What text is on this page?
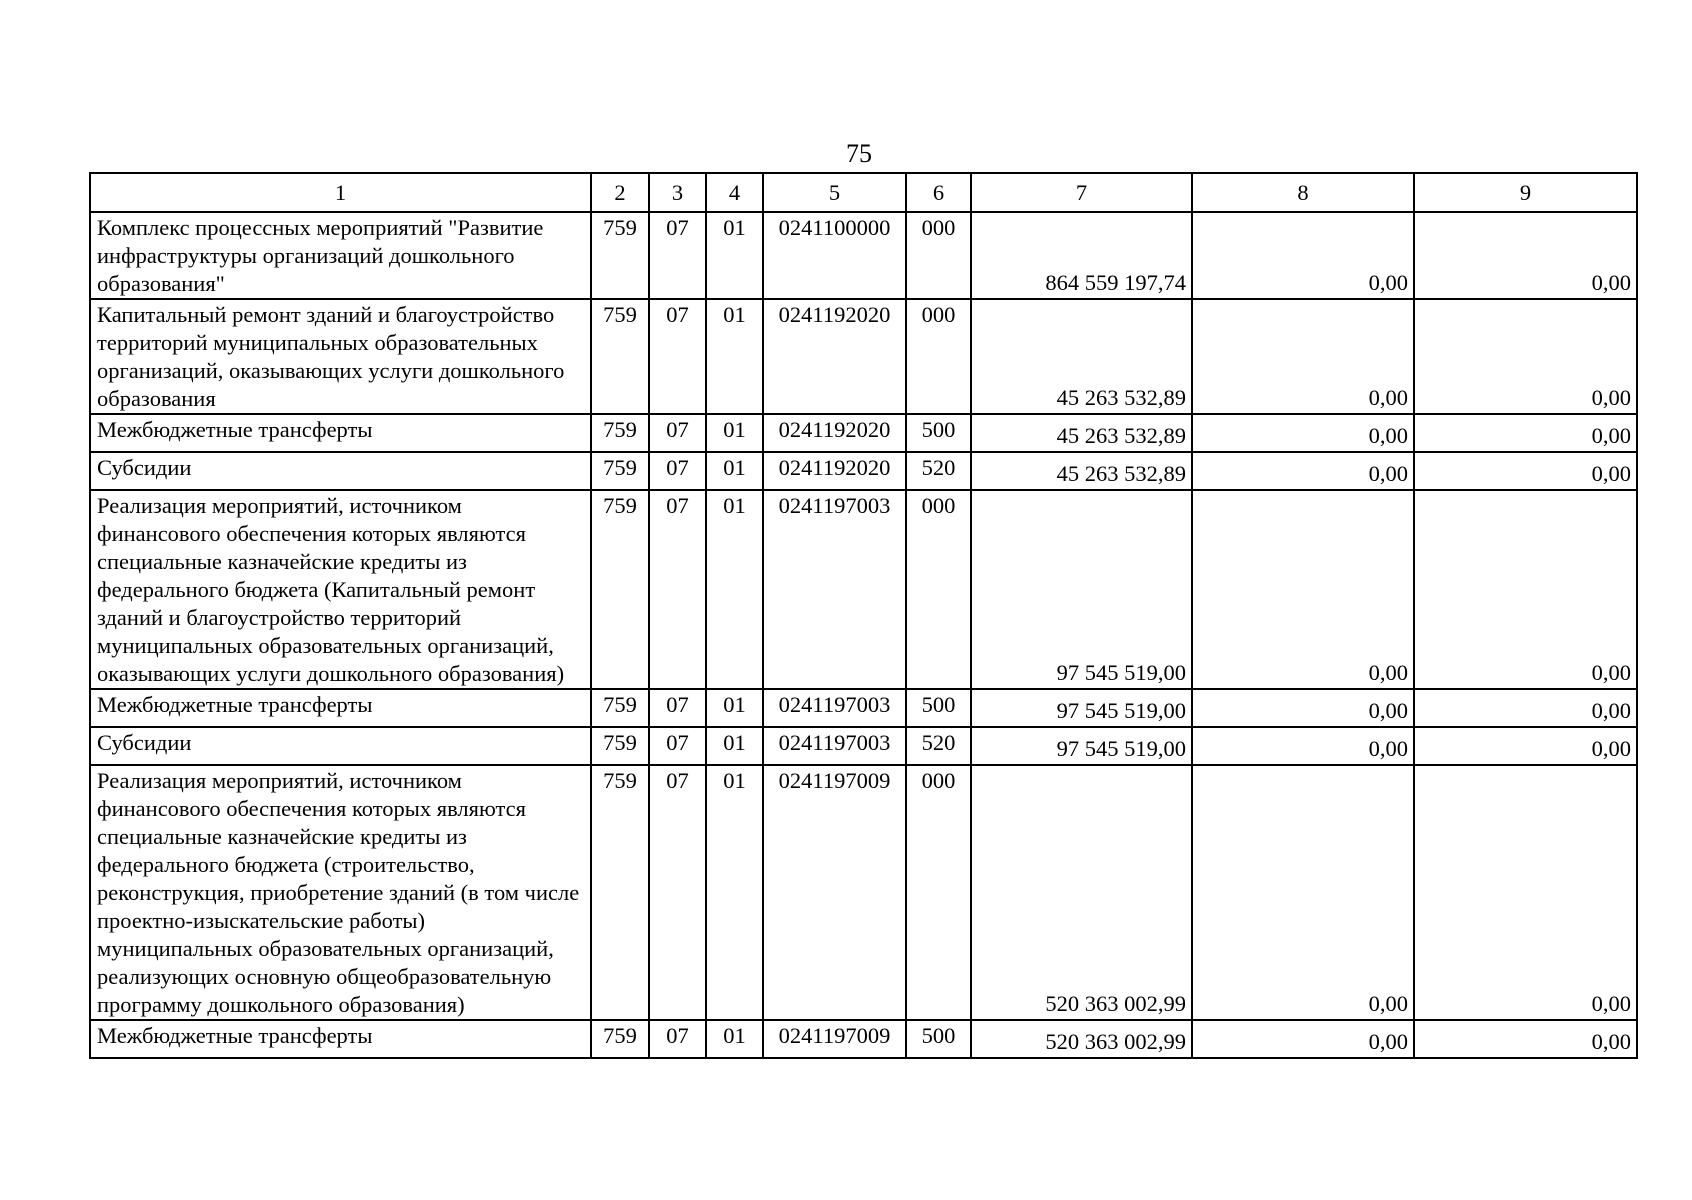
75
1	2	3	4	5	6	7	8	9
Комплекс процессных мероприятий "Развитие инфраструктуры организаций дошкольного образования"	759	07	01	0241100000	000	864 559 197,74	0,00	0,00
Капитальный ремонт зданий и благоустройство территорий муниципальных образовательных организаций, оказывающих услуги дошкольного образования	759	07	01	0241192020	000	45 263 532,89	0,00	0,00
Межбюджетные трансферты	759	07	01	0241192020	500	45 263 532,89	0,00	0,00
Субсидии	759	07	01	0241192020	520	45 263 532,89	0,00	0,00
Реализация мероприятий, источником финансового обеспечения которых являются специальные казначейские кредиты из федерального бюджета (Капитальный ремонт зданий и благоустройство территорий муниципальных образовательных организаций, оказывающих услуги дошкольного образования)	759	07	01	0241197003	000	97 545 519,00	0,00	0,00
Межбюджетные трансферты	759	07	01	0241197003	500	97 545 519,00	0,00	0,00
Субсидии	759	07	01	0241197003	520	97 545 519,00	0,00	0,00
Реализация мероприятий, источником финансового обеспечения которых являются специальные казначейские кредиты из федерального бюджета (строительство, реконструкция, приобретение зданий (в том числе проектно-изыскательские работы) муниципальных образовательных организаций, реализующих основную общеобразовательную программу дошкольного образования)	759	07	01	0241197009	000	520 363 002,99	0,00	0,00
Межбюджетные трансферты	759	07	01	0241197009	500	520 363 002,99	0,00	0,00
